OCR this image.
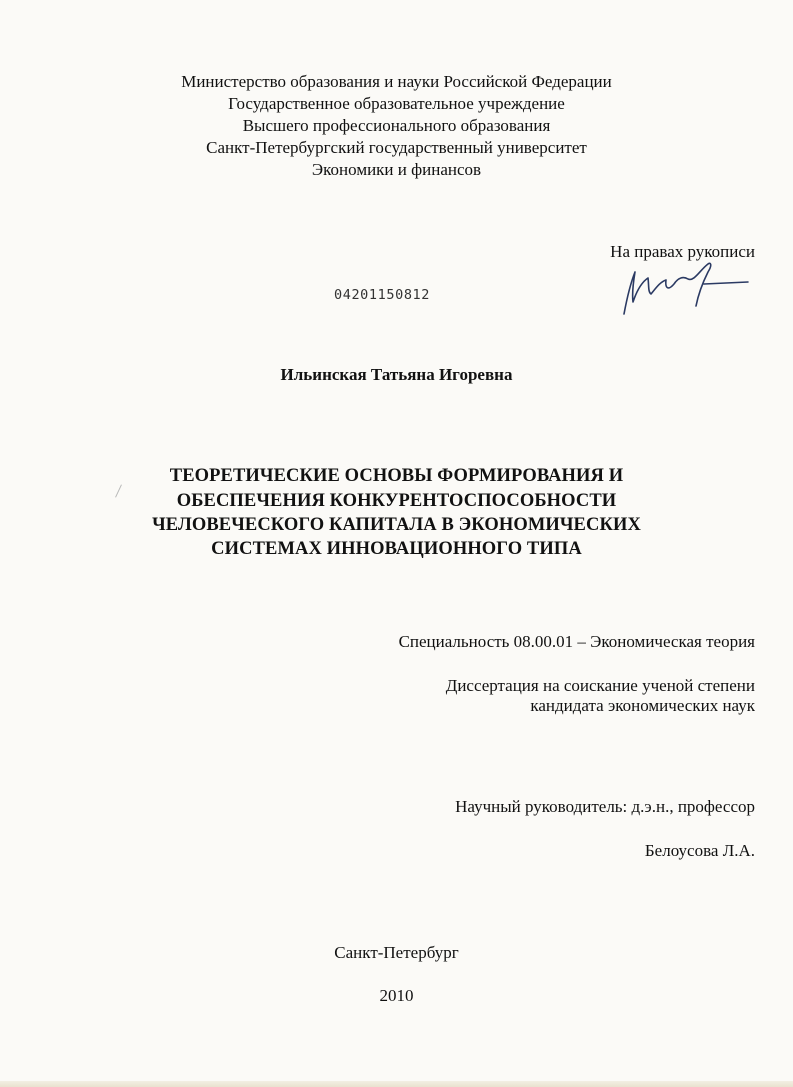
Министерство образования и науки Российской Федерации
Государственное образовательное учреждение
Высшего профессионального образования
Санкт-Петербургский государственный университет
Экономики и финансов
На правах рукописи
04201150812
Ильинская Татьяна Игоревна
ТЕОРЕТИЧЕСКИЕ ОСНОВЫ ФОРМИРОВАНИЯ И
ОБЕСПЕЧЕНИЯ КОНКУРЕНТОСПОСОБНОСТИ
ЧЕЛОВЕЧЕСКОГО КАПИТАЛА В ЭКОНОМИЧЕСКИХ
СИСТЕМАХ ИННОВАЦИОННОГО ТИПА
Специальность 08.00.01 – Экономическая теория
Диссертация на соискание ученой степени
кандидата экономических наук
Научный руководитель: д.э.н., профессор
Белоусова Л.А.
Санкт-Петербург
2010
